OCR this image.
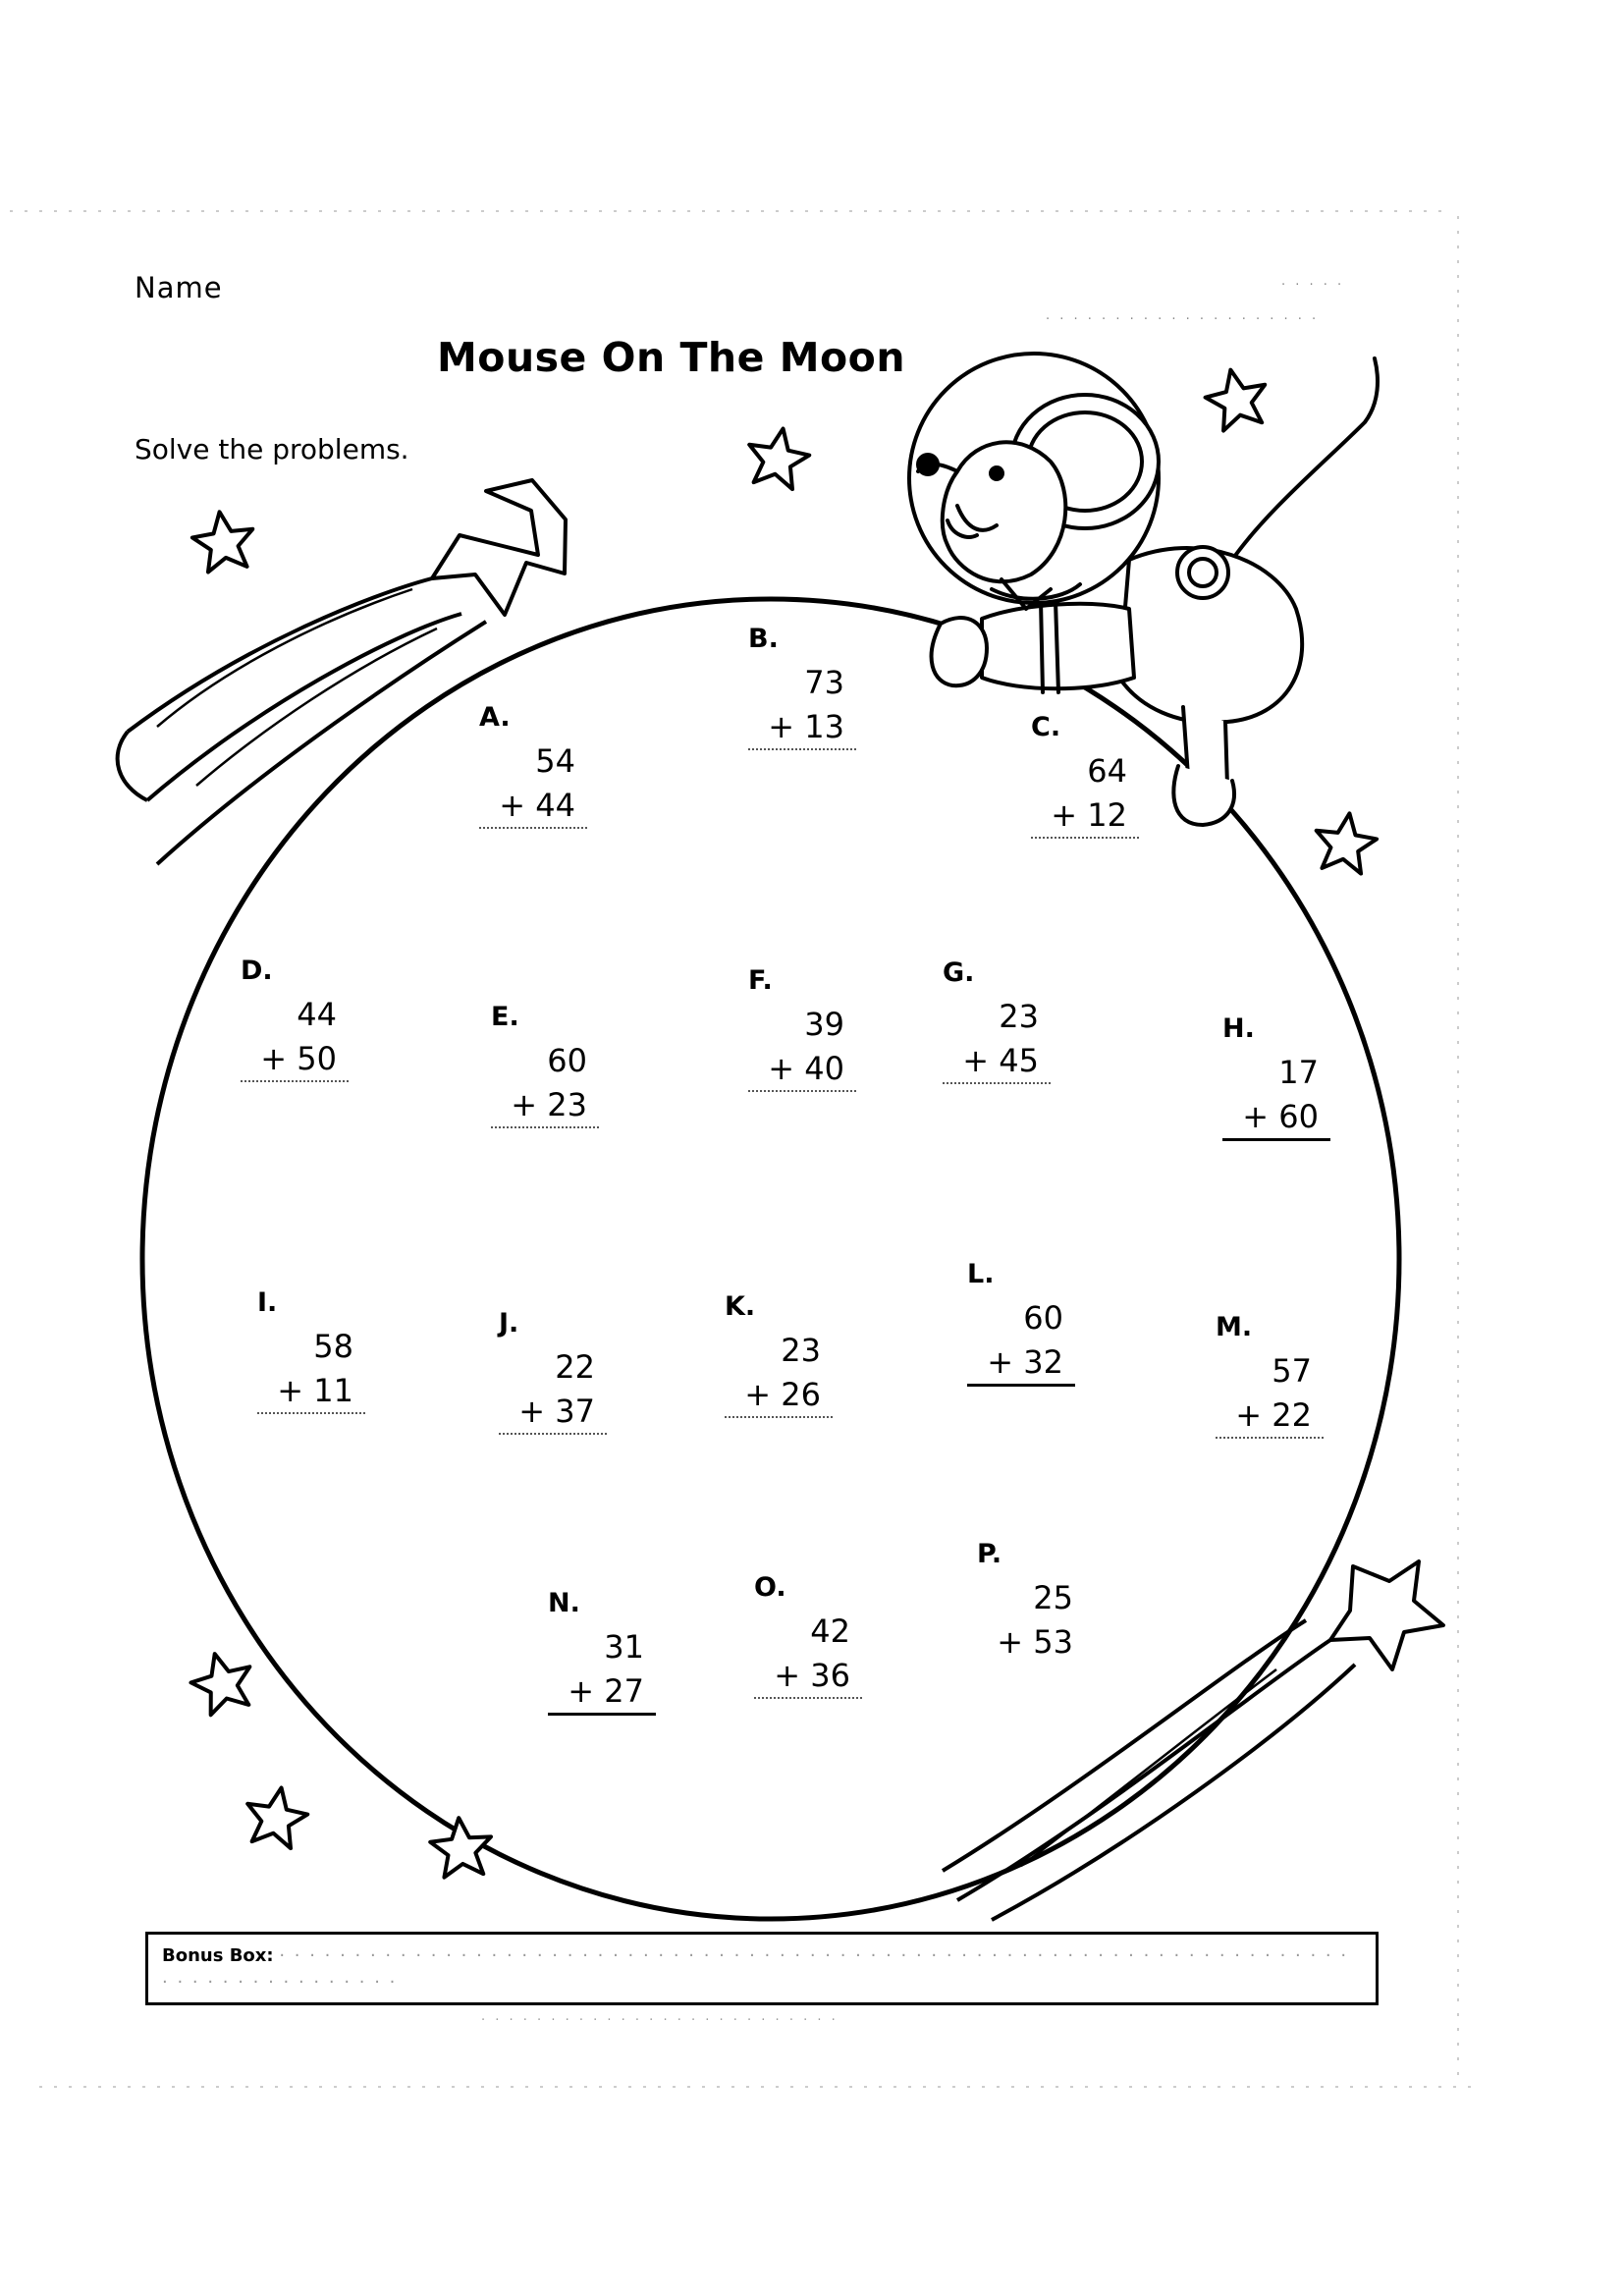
Name
Mouse On The Moon
Solve the problems.
· · · · ·
· · · · · · · · · · · · · · · · · · · ·
A.
54
+ 44
B.
73
+ 13	C.
64
+ 12
D.
44
+ 50
E.
60
+ 23
F.
39
+ 40
G.
23
+ 45
H.
17
+ 60
I.
58
+ 11
J.
22
+ 37
K.
23
+ 26
L.
60
+ 32
M.
57
+ 22
N.
31
+ 27
O.
42
+ 36
P.
25
+ 53
Bonus Box: · · · · · · · · · · · · · · · · · · · · · · · · · · · · · · · · · · · · · · · · · · · · · · · · · · · · · · · · · · · · · · · · · · · · · · · · · · · · · · · · · · · · · · ·
· · · · · · · · · · · · · · · · · · · · · · · · · ·
